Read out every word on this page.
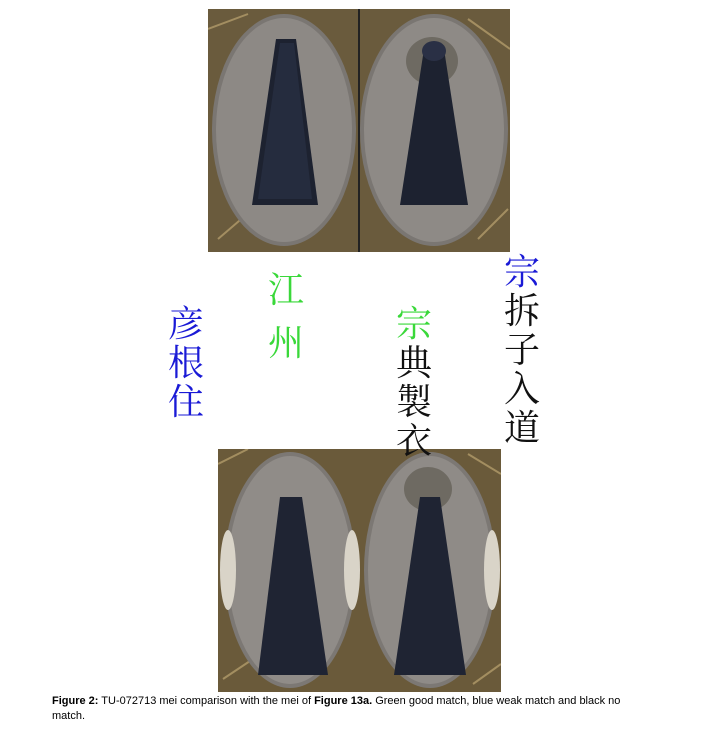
彦
根
住
江
州	宗
典
製
衣
宗
拆
子
入
道
Figure 2: TU-072713 mei comparison with the mei of Figure 13a. Green good match, blue weak match and black no match.
